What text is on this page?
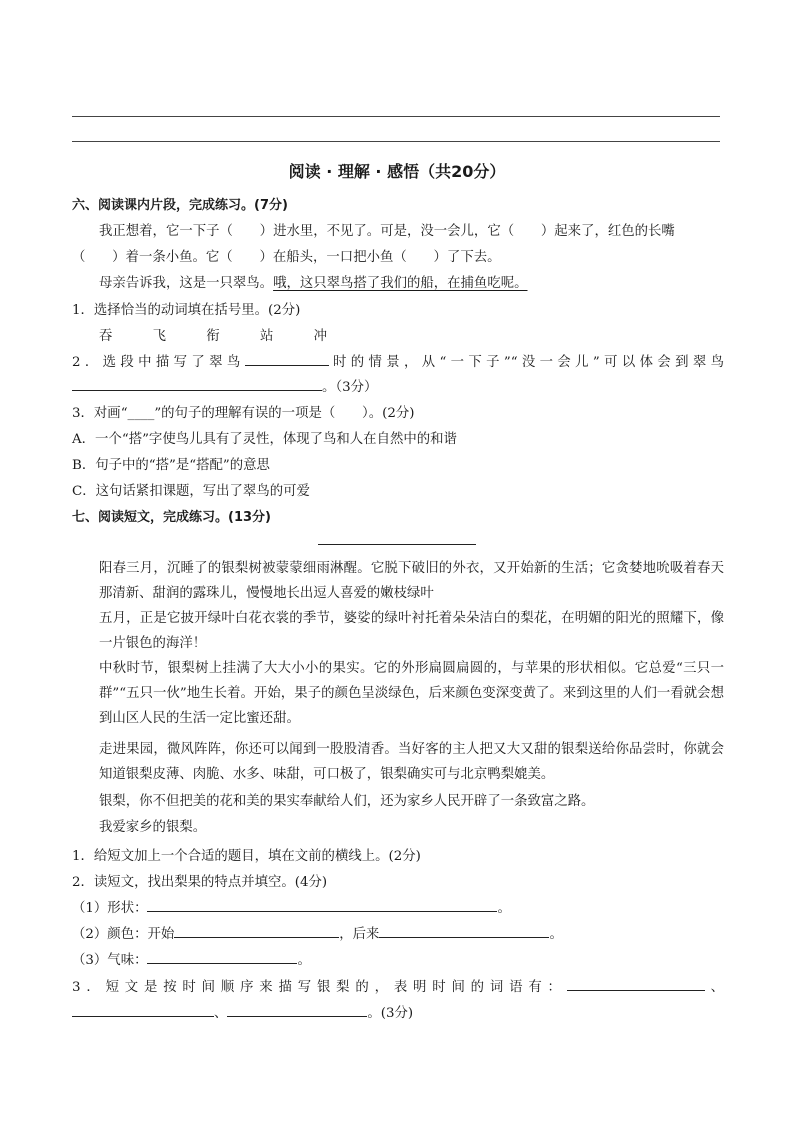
阅读 · 理解 · 感悟（共20分）
六、阅读课内片段，完成练习。(7分)
我正想着，它一下子（　　）进水里，不见了。可是，没一会儿，它（　　）起来了，红色的长嘴
（　　）着一条小鱼。它（　　）在船头，一口把小鱼（　　）了下去。
母亲告诉我，这是一只翠鸟。哦，这只翠鸟搭了我们的船，在捕鱼吃呢。
1．选择恰当的动词填在括号里。(2分)
吞	飞	衔	站	冲
2．选段中描写了翠鸟	时的情景，从“一下子”“没一会儿”可以体会到翠鸟
。（3分）
3．对画“____”的句子的理解有误的一项是（　　）。(2分)
A．一个“搭”字使鸟儿具有了灵性，体现了鸟和人在自然中的和谐
B．句子中的“搭”是“搭配”的意思
C．这句话紧扣课题，写出了翠鸟的可爱
七、阅读短文，完成练习。(13分)
阳春三月，沉睡了的银梨树被蒙蒙细雨淋醒。它脱下破旧的外衣，又开始新的生活；它贪婪地吮吸着春天那清新、甜润的露珠儿，慢慢地长出逗人喜爱的嫩枝绿叶
五月，正是它披开绿叶白花衣裳的季节，婆娑的绿叶衬托着朵朵洁白的梨花，在明媚的阳光的照耀下，像一片银色的海洋！
中秋时节，银梨树上挂满了大大小小的果实。它的外形扁圆扁圆的，与苹果的形状相似。它总爱“三只一群”“五只一伙”地生长着。开始，果子的颜色呈淡绿色，后来颜色变深变黄了。来到这里的人们一看就会想到山区人民的生活一定比蜜还甜。
走进果园，微风阵阵，你还可以闻到一股股清香。当好客的主人把又大又甜的银梨送给你品尝时，你就会知道银梨皮薄、肉脆、水多、味甜，可口极了，银梨确实可与北京鸭梨媲美。
银梨，你不但把美的花和美的果实奉献给人们，还为家乡人民开辟了一条致富之路。
我爱家乡的银梨。
1．给短文加上一个合适的题目，填在文前的横线上。(2分)
2．读短文，找出梨果的特点并填空。(4分)
（1）形状：	。
（2）颜色：开始	，后来	。
（3）气味：	。
3．短文是按时间顺序来描写银梨的，表明时间的词语有：	、
、	。(3分)
